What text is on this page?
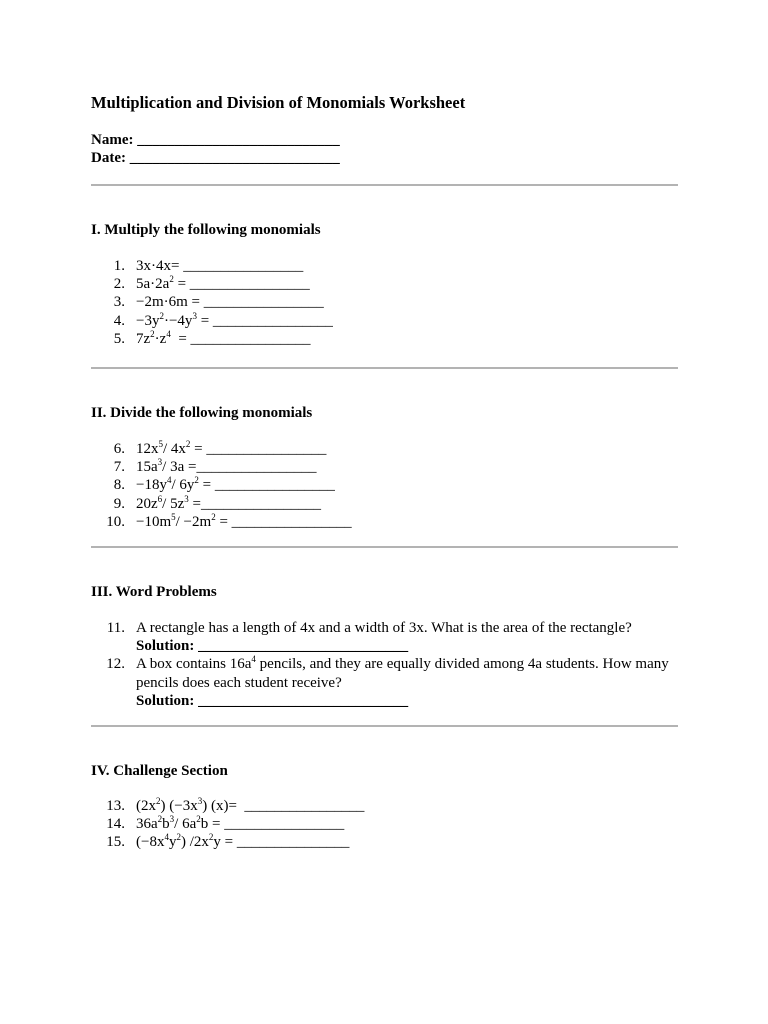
Multiplication and Division of Monomials Worksheet
Name: ___________________________
Date: ____________________________
I. Multiply the following monomials
1. 3x·4x= ________________
2. $5a\cdot 2a^2$ = ________________
3. −2m·6m = ________________
4. $-3y^2\cdot-4y^3$ = ________________
5. $7z^2\cdot z^4$  = ________________
II. Divide the following monomials
6. $12x^5/$ $4x^2$ = ________________
7. $15a^3/$ 3a =________________
8. $-18y^4/$ $6y^2$ = ________________
9. $20z^6/$ $5z^3$ =________________
10. $-10m^5/ -2m^2$ = ________________
III. Word Problems
11. A rectangle has a length of 4x and a width of 3x. What is the area of the rectangle?
Solution: ____________________________
12. A box contains $16a^4$ pencils, and they are equally divided among 4a students. How many pencils does each student receive?
Solution: ____________________________
IV. Challenge Section
13. $(2x^2)$ $(-3x^3)$ (x)=  ________________
14. $36a^2b^3/$ $6a^2b$ = ________________
15. $(-8x^4y^2) /2x^2y$ = _______________
